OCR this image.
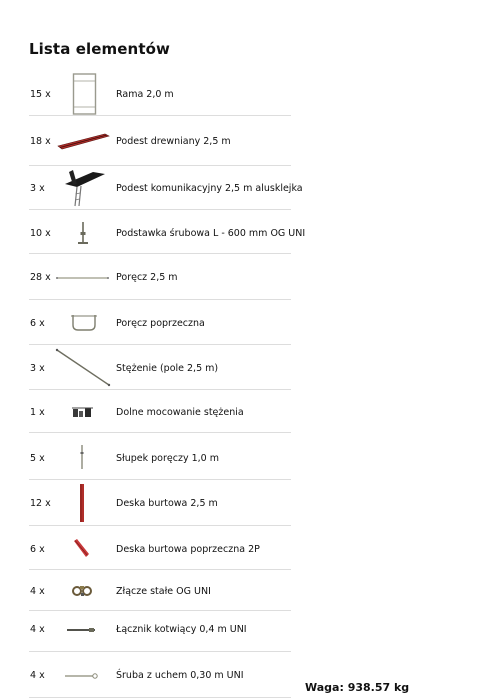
Lista elementów
15 x	Rama 2,0 m
18 x	Podest drewniany 2,5 m
3 x	Podest komunikacyjny 2,5 m alusklejka
10 x	Podstawka śrubowa L - 600 mm OG UNI
28 x	Poręcz 2,5 m
6 x	Poręcz poprzeczna
3 x	Stężenie (pole 2,5 m)
1 x	Dolne mocowanie stężenia
5 x	Słupek poręczy 1,0 m
12 x	Deska burtowa 2,5 m
6 x	Deska burtowa poprzeczna 2P
4 x	Złącze stałe OG UNI
4 x	Łącznik kotwiący 0,4 m UNI
4 x	Śruba z uchem 0,30 m UNI
Waga: 938.57 kg
